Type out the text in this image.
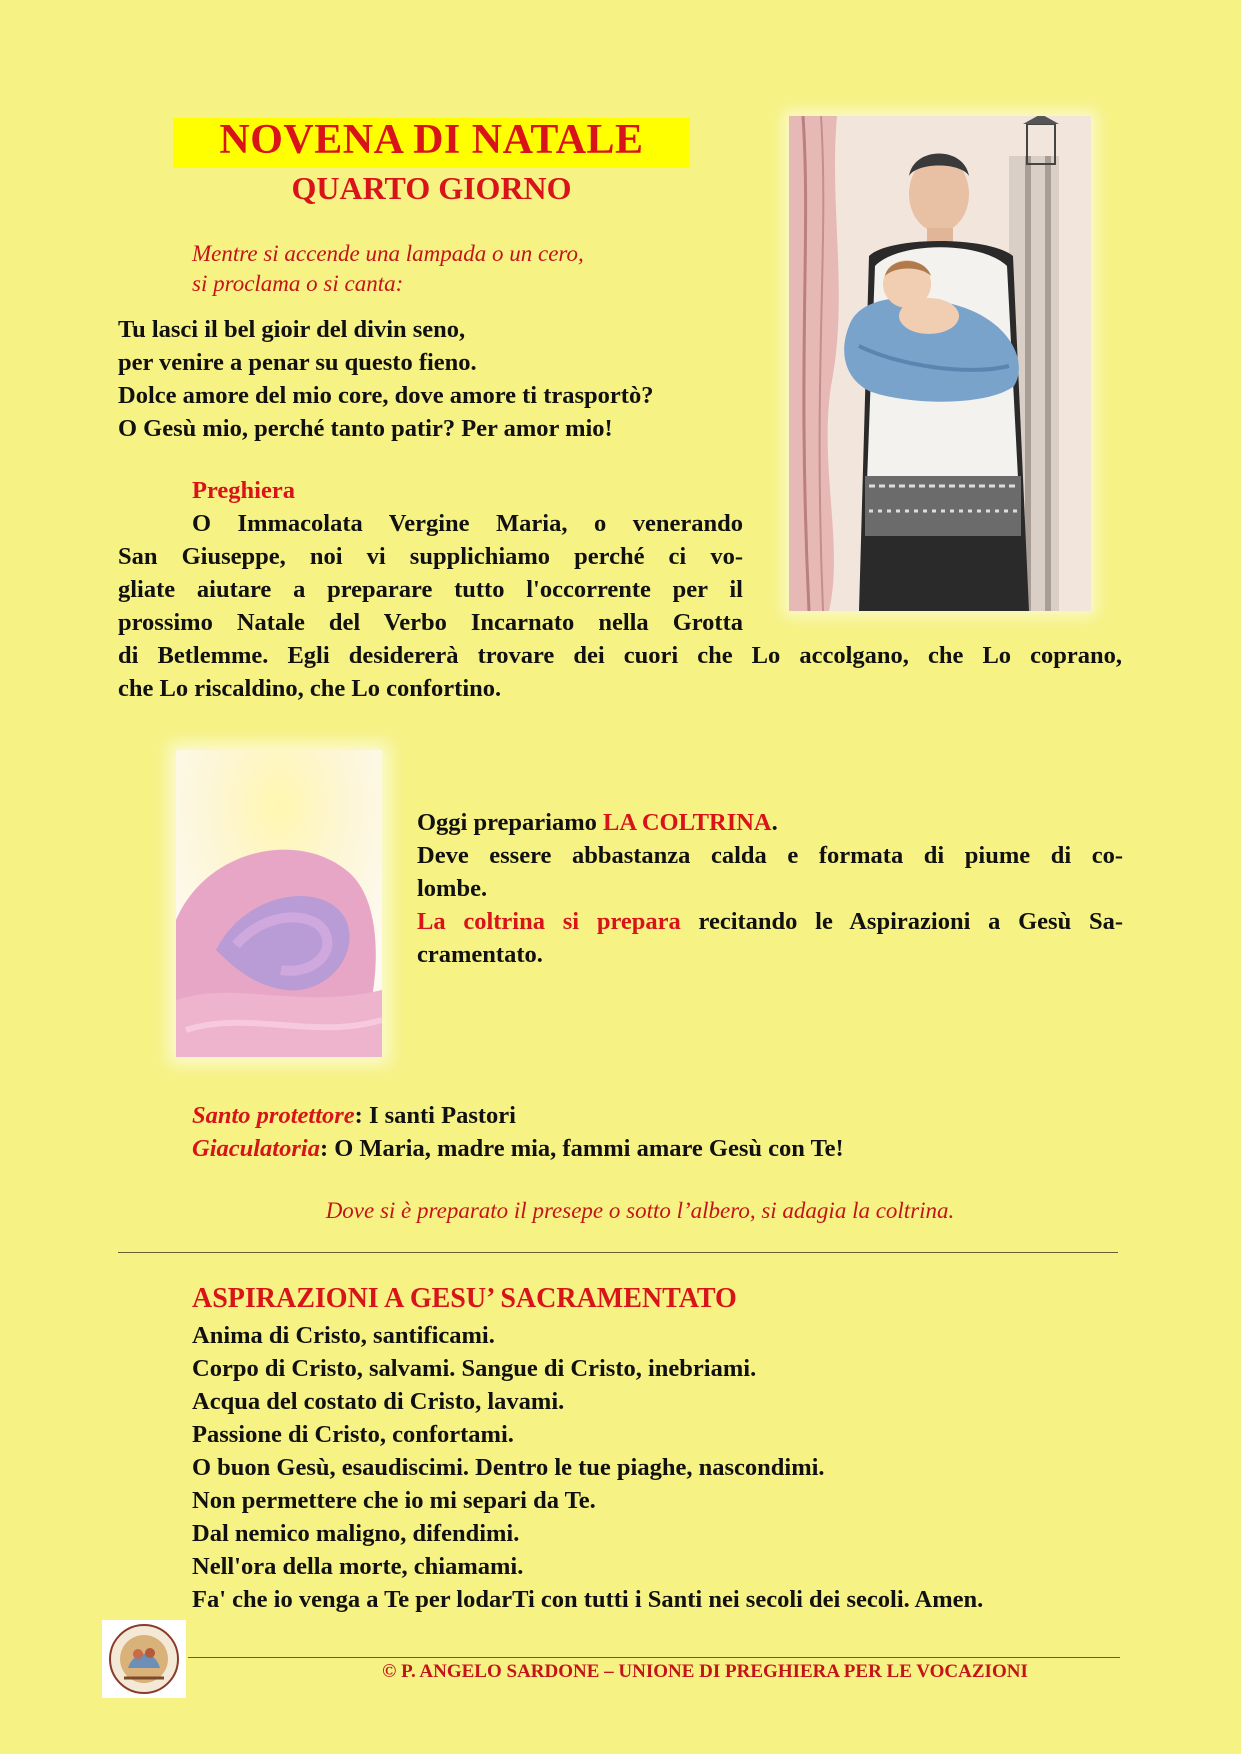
NOVENA DI NATALE
QUARTO GIORNO
Mentre si accende una lampada o un cero,
si proclama o si canta:
Tu lasci il bel gioir del divin seno,
per venire a penar su questo fieno.
Dolce amore del mio core, dove amore ti trasportò?
O Gesù mio, perché tanto patir? Per amor mio!
Preghiera
O Immacolata Vergine Maria, o venerando
San Giuseppe, noi vi supplichiamo perché ci vo-
gliate aiutare a preparare tutto l'occorrente per il
prossimo Natale del Verbo Incarnato nella Grotta
di Betlemme. Egli desidererà trovare dei cuori che Lo accolgano, che Lo coprano,
che Lo riscaldino, che Lo confortino.
Oggi prepariamo LA COLTRINA.
Deve essere abbastanza calda e formata di piume di co-
lombe.
La coltrina si prepara recitando le Aspirazioni a Gesù Sa-
cramentato.
Santo protettore: I santi Pastori
Giaculatoria: O Maria, madre mia, fammi amare Gesù con Te!
Dove si è preparato il presepe o sotto l’albero, si adagia la coltrina.
ASPIRAZIONI A GESU’ SACRAMENTATO
Anima di Cristo, santificami.
Corpo di Cristo, salvami. Sangue di Cristo, inebriami.
Acqua del costato di Cristo, lavami.
Passione di Cristo, confortami.
O buon Gesù, esaudiscimi. Dentro le tue piaghe, nascondimi.
Non permettere che io mi separi da Te.
Dal nemico maligno, difendimi.
Nell'ora della morte, chiamami.
Fa' che io venga a Te per lodarTi con tutti i Santi nei secoli dei secoli. Amen.
© P. ANGELO SARDONE – UNIONE DI PREGHIERA PER LE VOCAZIONI
